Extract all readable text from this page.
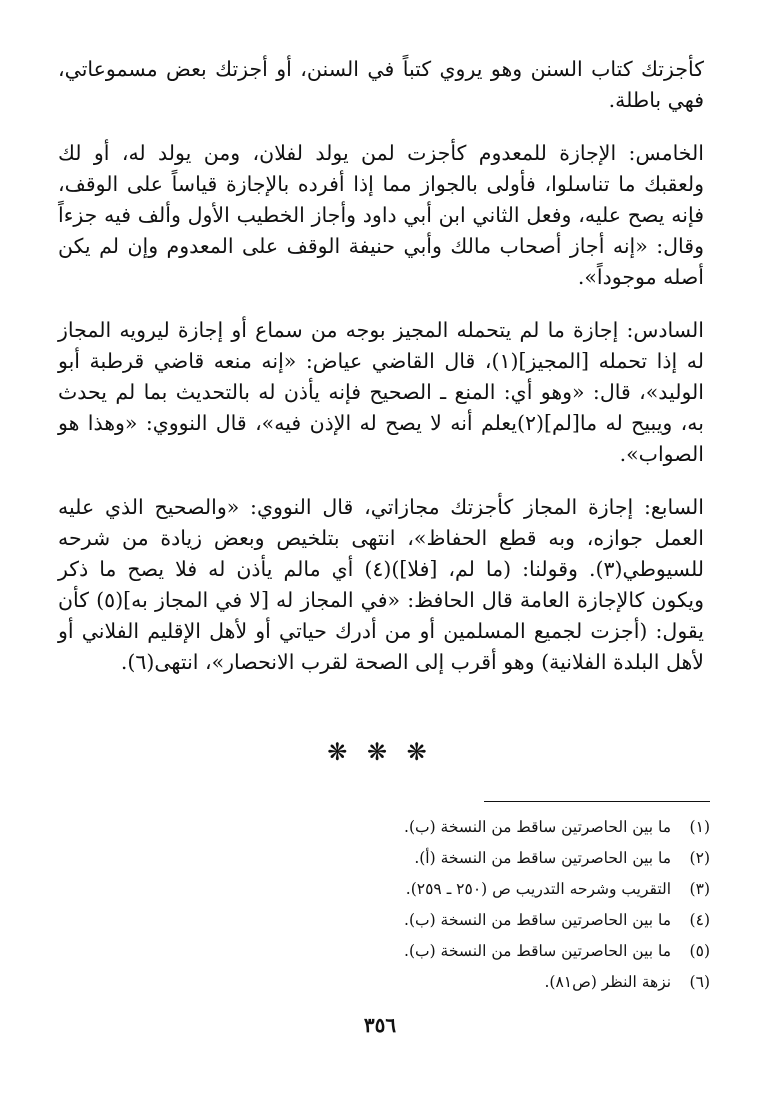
كأجزتك كتاب السنن وهو يروي كتباً في السنن، أو أجزتك بعض مسموعاتي، فهي باطلة.

الخامس: الإجازة للمعدوم كأجزت لمن يولد لفلان، ومن يولد له، أو لك ولعقبك ما تناسلوا، فأولى بالجواز مما إذا أفرده بالإجازة قياساً على الوقف، فإنه يصح عليه، وفعل الثاني ابن أبي داود وأجاز الخطيب الأول وألف فيه جزءاً وقال: «إنه أجاز أصحاب مالك وأبي حنيفة الوقف على المعدوم وإن لم يكن أصله موجوداً».

السادس: إجازة ما لم يتحمله المجيز بوجه من سماع أو إجازة ليرويه المجاز له إذا تحمله [المجيز](١)، قال القاضي عياض: «إنه منعه قاضي قرطبة أبو الوليد»، قال: «وهو أي: المنع ـ الصحيح فإنه يأذن له بالتحديث بما لم يحدث به، ويبيح له ما[لم](٢)يعلم أنه لا يصح له الإذن فيه»، قال النووي: «وهذا هو الصواب».

السابع: إجازة المجاز كأجزتك مجازاتي، قال النووي: «والصحيح الذي عليه العمل جوازه، وبه قطع الحفاظ»، انتهى بتلخيص وبعض زيادة من شرحه للسيوطي(٣). وقولنا: (ما لم، [فلا])(٤) أي مالم يأذن له فلا يصح ما ذكر ويكون كالإجازة العامة قال الحافظ: «في المجاز له [لا في المجاز به](٥) كأن يقول: (أجزت لجميع المسلمين أو من أدرك حياتي أو لأهل الإقليم الفلاني أو لأهل البلدة الفلانية) وهو أقرب إلى الصحة لقرب الانحصار»، انتهى(٦).

❋ ❋ ❋
(١) ما بين الحاصرتين ساقط من النسخة (ب).
(٢) ما بين الحاصرتين ساقط من النسخة (أ).
(٣) التقريب وشرحه التدريب ص (٢٥٠ ـ ٢٥٩).
(٤) ما بين الحاصرتين ساقط من النسخة (ب).
(٥) ما بين الحاصرتين ساقط من النسخة (ب).
(٦) نزهة النظر (ص٨١).
٣٥٦
